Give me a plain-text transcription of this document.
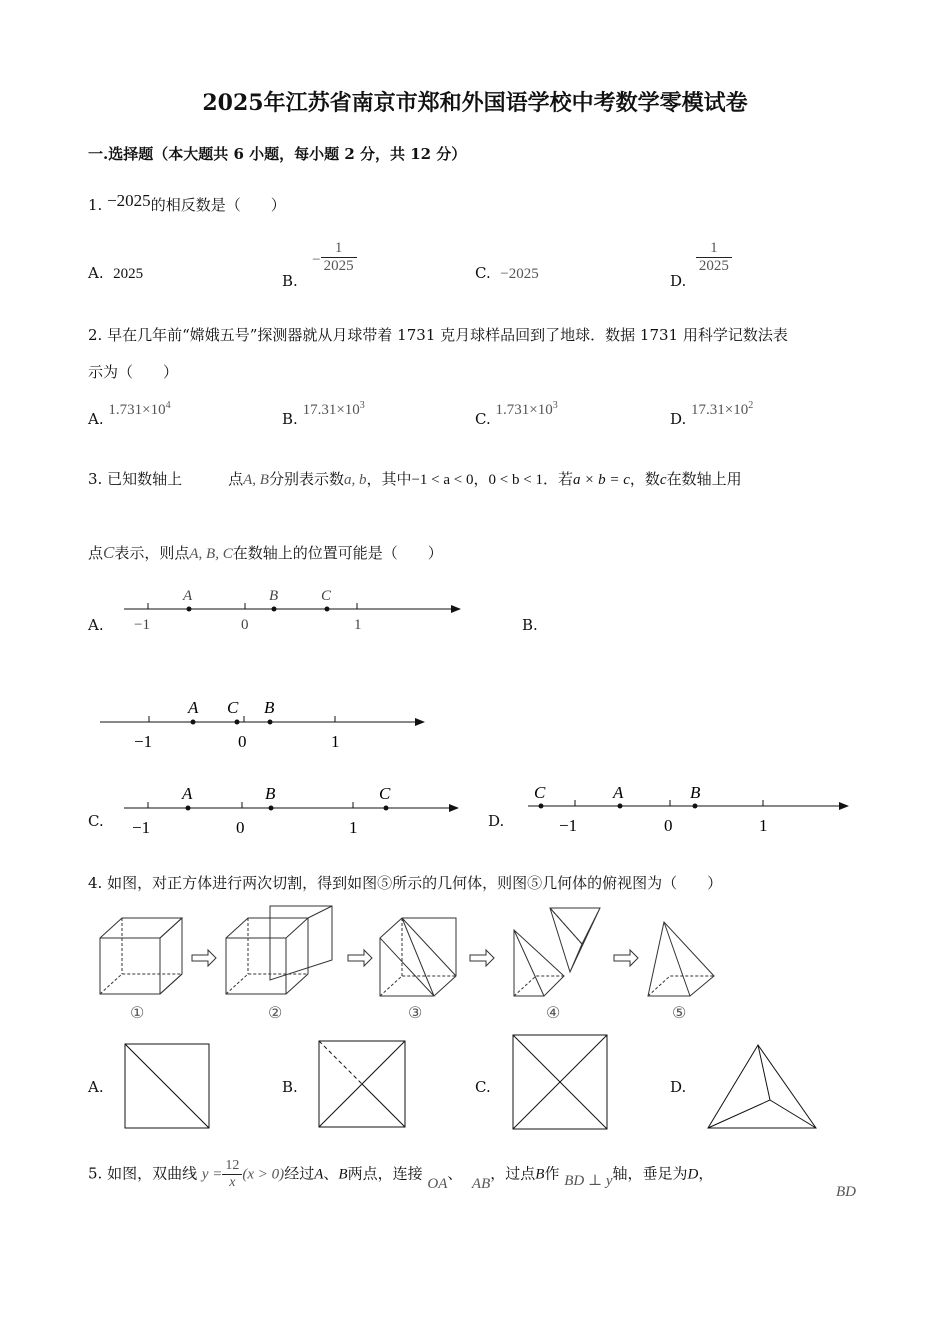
2025年江苏省南京市郑和外国语学校中考数学零模试卷
一.选择题（本大题共 6 小题，每小题 2 分，共 12 分）
1. −2025的相反数是（　　）
A. 2025	B.   − $\frac{1}{2025}$	C. −2025	D.
$\frac{1}{2025}$
2. 早在几年前“嫦娥五号”探测器就从月球带着 1731 克月球样品回到了地球．数据 1731 用科学记数法表
示为（　　）
A. $1.731\times 10^4$
B. $17.31\times 10^3$
C. $1.731\times 10^3$
D. $17.31\times 10^2$
3. 已知数轴上	点A, B分别表示数a, b，其中−1 < a < 0，0 < b < 1．若a × b = c，数c在数轴上用
点C表示，则点A, B, C在数轴上的位置可能是（　　）
A.	B.
C.	D.
A	B	C
−1	0	1
A C B
−1	0	1
A	B	C
−1	0	1
C	A	B
−1	0	1
4. 如图，对正方体进行两次切割，得到如图⑤所示的几何体，则图⑤几何体的俯视图为（　　）
①	②	③	④	⑤
A.	B.	C.	D.
5. 如图，双曲线 $y = \frac{12}{x} (x > 0)$经过A、B两点，连接 OA、  AB，过点B作 BD ⊥ y轴，垂足为D，
BD
